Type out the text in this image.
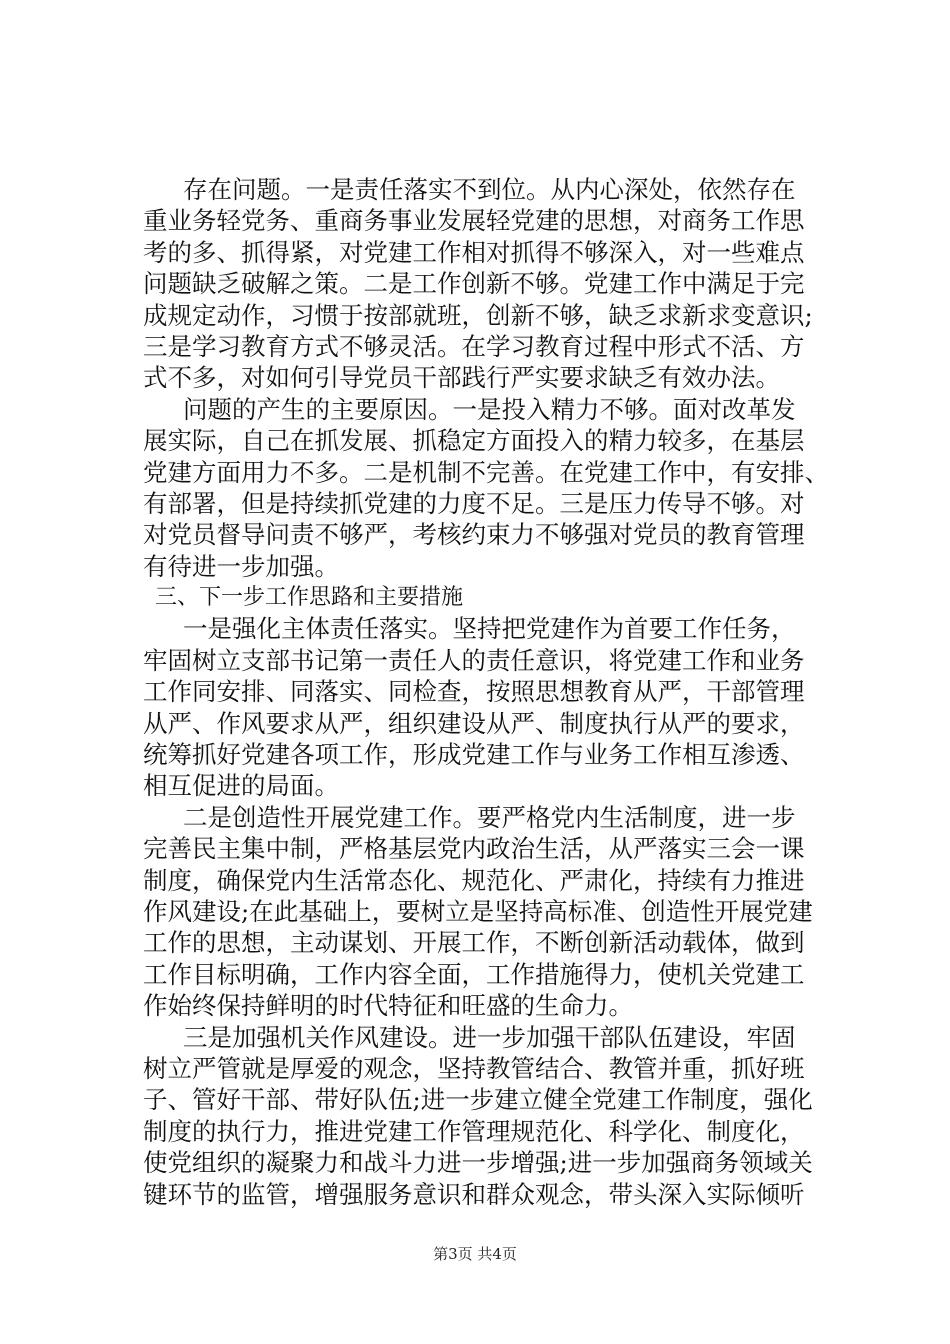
存在问题。一是责任落实不到位。从内心深处，依然存在
重业务轻党务、重商务事业发展轻党建的思想，对商务工作思
考的多、抓得紧，对党建工作相对抓得不够深入，对一些难点
问题缺乏破解之策。二是工作创新不够。党建工作中满足于完
成规定动作，习惯于按部就班，创新不够，缺乏求新求变意识;
三是学习教育方式不够灵活。在学习教育过程中形式不活、方
式不多，对如何引导党员干部践行严实要求缺乏有效办法。
问题的产生的主要原因。一是投入精力不够。面对改革发
展实际，自己在抓发展、抓稳定方面投入的精力较多，在基层
党建方面用力不多。二是机制不完善。在党建工作中，有安排、
有部署，但是持续抓党建的力度不足。三是压力传导不够。对
对党员督导问责不够严，考核约束力不够强对党员的教育管理
有待进一步加强。
三、下一步工作思路和主要措施
一是强化主体责任落实。坚持把党建作为首要工作任务，
牢固树立支部书记第一责任人的责任意识，将党建工作和业务
工作同安排、同落实、同检查，按照思想教育从严，干部管理
从严、作风要求从严，组织建设从严、制度执行从严的要求，
统筹抓好党建各项工作，形成党建工作与业务工作相互渗透、
相互促进的局面。
二是创造性开展党建工作。要严格党内生活制度，进一步
完善民主集中制，严格基层党内政治生活，从严落实三会一课
制度，确保党内生活常态化、规范化、严肃化，持续有力推进
作风建设;在此基础上，要树立是坚持高标准、创造性开展党建
工作的思想，主动谋划、开展工作，不断创新活动载体，做到
工作目标明确，工作内容全面，工作措施得力，使机关党建工
作始终保持鲜明的时代特征和旺盛的生命力。
三是加强机关作风建设。进一步加强干部队伍建设，牢固
树立严管就是厚爱的观念，坚持教管结合、教管并重，抓好班
子、管好干部、带好队伍;进一步建立健全党建工作制度，强化
制度的执行力，推进党建工作管理规范化、科学化、制度化，
使党组织的凝聚力和战斗力进一步增强;进一步加强商务领域关
键环节的监管，增强服务意识和群众观念，带头深入实际倾听
第3页 共4页
